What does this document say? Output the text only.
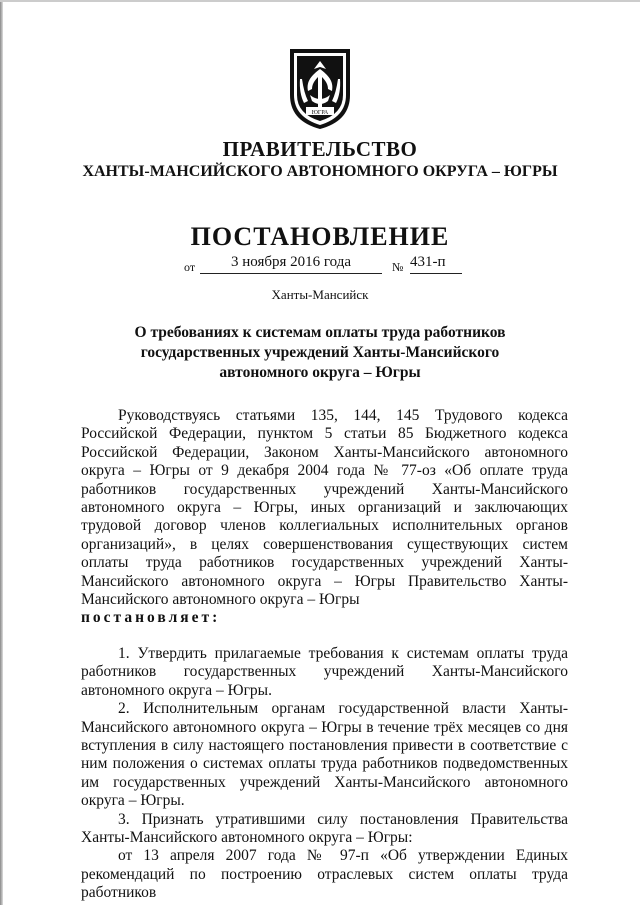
ЮГРА
ПРАВИТЕЛЬСТВО
ХАНТЫ-МАНСИЙСКОГО АВТОНОМНОГО ОКРУГА – ЮГРЫ
ПОСТАНОВЛЕНИЕ
от	3 ноября 2016 года	№ 431-п
Ханты-Мансийск
О требованиях к системам оплаты труда работников государственных учреждений Ханты-Мансийского автономного округа – Югры

Руководствуясь статьями 135, 144, 145 Трудового кодекса Российской Федерации, пунктом 5 статьи 85 Бюджетного кодекса Российской Федерации, Законом Ханты-Мансийского автономного округа – Югры от 9 декабря 2004 года № 77-оз «Об оплате труда работников государственных учреждений Ханты-Мансийского автономного округа – Югры, иных организаций и заключающих трудовой договор членов коллегиальных исполнительных органов организаций», в целях совершенствования существующих систем оплаты труда работников государственных учреждений Ханты-Мансийского автономного округа – Югры Правительство Ханты-Мансийского автономного округа – Югры

постановляет:

1. Утвердить прилагаемые требования к системам оплаты труда работников государственных учреждений Ханты-Мансийского автономного округа – Югры.

2. Исполнительным органам государственной власти Ханты-Мансийского автономного округа – Югры в течение трёх месяцев со дня вступления в силу настоящего постановления привести в соответствие с ним положения о системах оплаты труда работников подведомственных им государственных учреждений Ханты-Мансийского автономного округа – Югры.

3. Признать утратившими силу постановления Правительства Ханты-Мансийского автономного округа – Югры:

от 13 апреля 2007 года № 97-п «Об утверждении Единых рекомендаций по построению отраслевых систем оплаты труда работников
